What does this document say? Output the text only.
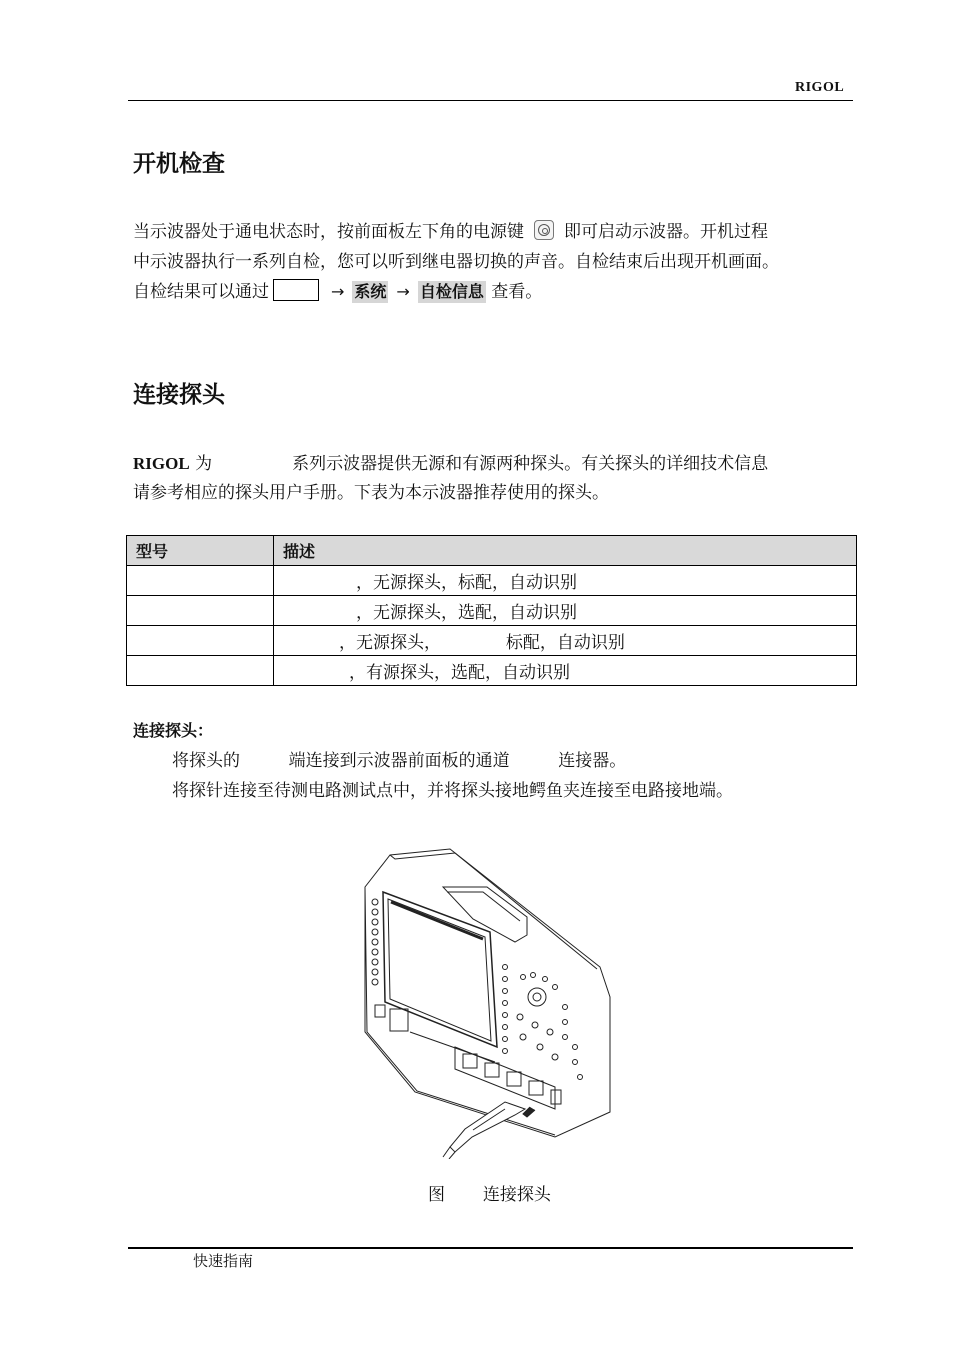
RIGOL
开机检查
当示波器处于通电状态时，按前面板左下角的电源键 即可启动示波器。开机过程
中示波器执行一系列自检，您可以听到继电器切换的声音。自检结束后出现开机画面。
自检结果可以通过	→ 系统 → 自检信息 查看。
连接探头
RIGOL 为	系列示波器提供无源和有源两种探头。有关探头的详细技术信息
请参考相应的探头用户手册。下表为本示波器推荐使用的探头。
型号	描述
	，无源探头，标配，自动识别
	，无源探头，选配，自动识别
	，无源探头，            标配，自动识别
	，有源探头，选配，自动识别
连接探头：
将探头的         端连接到示波器前面板的通道         连接器。
将探针连接至待测电路测试点中，并将探头接地鳄鱼夹连接至电路接地端。
图       连接探头
快速指南
